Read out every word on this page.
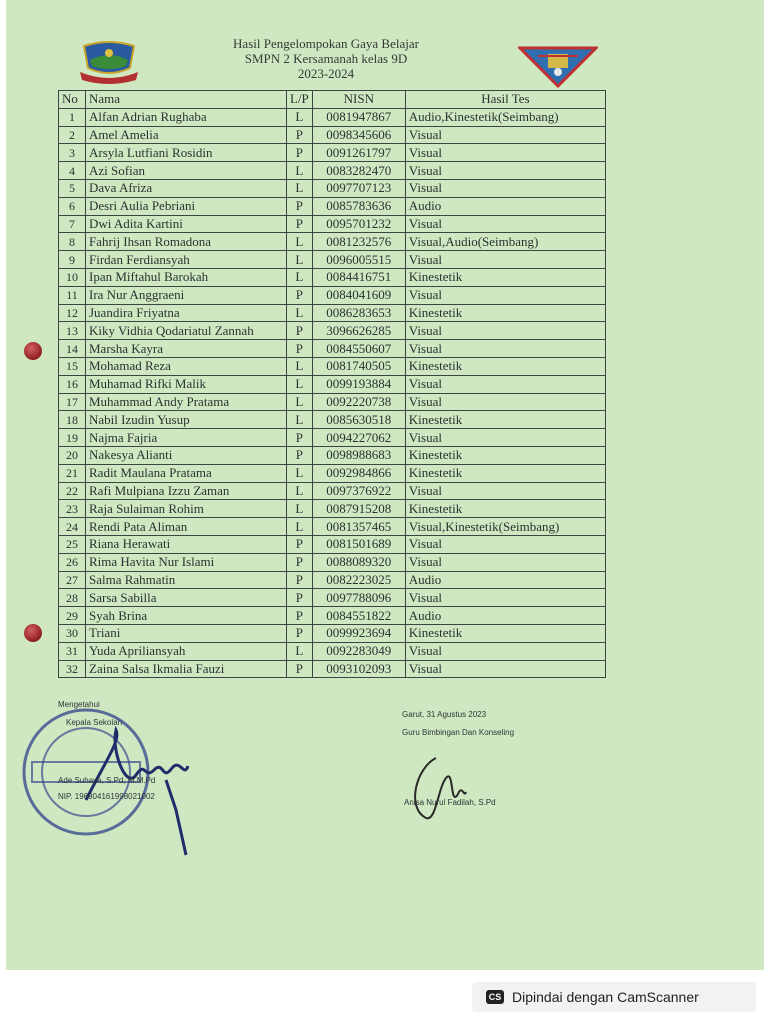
Hasil Pengelompokan Gaya Belajar
SMPN 2 Kersamanah kelas 9D
2023-2024
No	Nama	L/P	NISN	Hasil Tes
1	Alfan Adrian Rughaba	L	0081947867	Audio,Kinestetik(Seimbang)
2	Amel Amelia	P	0098345606	Visual
3	Arsyla Lutfiani Rosidin	P	0091261797	Visual
4	Azi Sofian	L	0083282470	Visual
5	Dava Afriza	L	0097707123	Visual
6	Desri Aulia Pebriani	P	0085783636	Audio
7	Dwi Adita Kartini	P	0095701232	Visual
8	Fahrij Ihsan Romadona	L	0081232576	Visual,Audio(Seimbang)
9	Firdan Ferdiansyah	L	0096005515	Visual
10	Ipan Miftahul Barokah	L	0084416751	Kinestetik
11	Ira Nur Anggraeni	P	0084041609	Visual
12	Juandira Friyatna	L	0086283653	Kinestetik
13	Kiky Vidhia Qodariatul Zannah	P	3096626285	Visual
14	Marsha Kayra	P	0084550607	Visual
15	Mohamad Reza	L	0081740505	Kinestetik
16	Muhamad Rifki Malik	L	0099193884	Visual
17	Muhammad Andy Pratama	L	0092220738	Visual
18	Nabil Izudin Yusup	L	0085630518	Kinestetik
19	Najma Fajria	P	0094227062	Visual
20	Nakesya Alianti	P	0098988683	Kinestetik
21	Radit Maulana Pratama	L	0092984866	Kinestetik
22	Rafi Mulpiana Izzu Zaman	L	0097376922	Visual
23	Raja Sulaiman Rohim	L	0087915208	Kinestetik
24	Rendi Pata Aliman	L	0081357465	Visual,Kinestetik(Seimbang)
25	Riana Herawati	P	0081501689	Visual
26	Rima Havita Nur Islami	P	0088089320	Visual
27	Salma Rahmatin	P	0082223025	Audio
28	Sarsa Sabilla	P	0097788096	Visual
29	Syah Brina	P	0084551822	Audio
30	Triani	P	0099923694	Kinestetik
31	Yuda Apriliansyah	L	0092283049	Visual
32	Zaina Salsa Ikmalia Fauzi	P	0093102093	Visual
Mengetahui
Kepala Sekolah
Ade Suhaya, S.Pd, M.M.Pd
NIP. 196904161998021002
Garut, 31 Agustus 2023
Guru Bimbingan Dan Konseling
Anisa Nurul Fadilah, S.Pd
CS Dipindai dengan CamScanner
